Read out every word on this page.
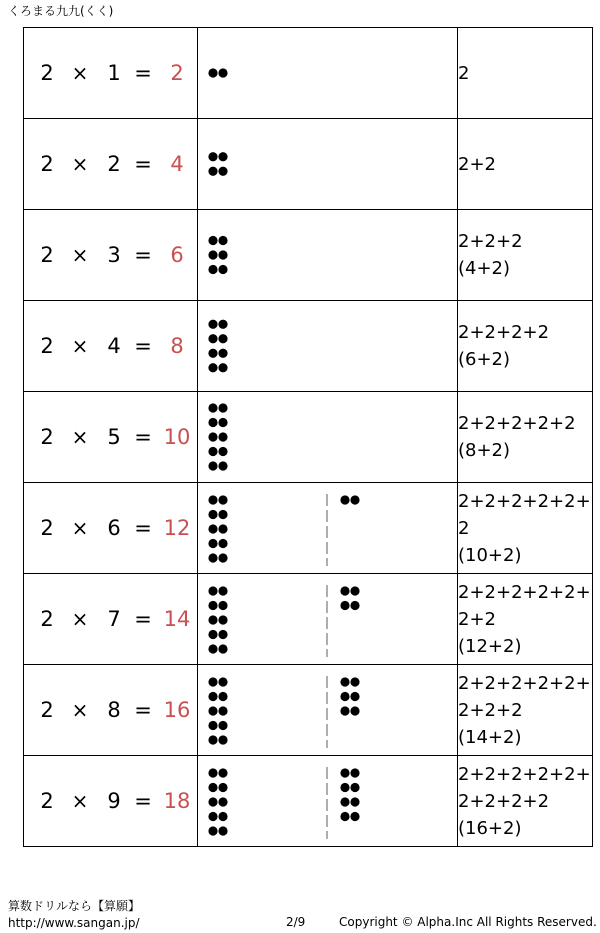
くろまる九九(くく)
2 × 1 = 2		2

2 × 2 = 4		2+2

2 × 3 = 6		2+2+2
(4+2)

2 × 4 = 8		2+2+2+2
(6+2)

2 × 5 = 10		2+2+2+2+2
(8+2)

2 × 6 = 12		2+2+2+2+2+
2
(10+2)

2 × 7 = 14		2+2+2+2+2+
2+2
(12+2)

2 × 8 = 16		2+2+2+2+2+
2+2+2
(14+2)

2 × 9 = 18		2+2+2+2+2+
2+2+2+2
(16+2)
算数ドリルなら【算願】
http://www.sangan.jp/	2/9	Copyright © Alpha.Inc All Rights Reserved.
